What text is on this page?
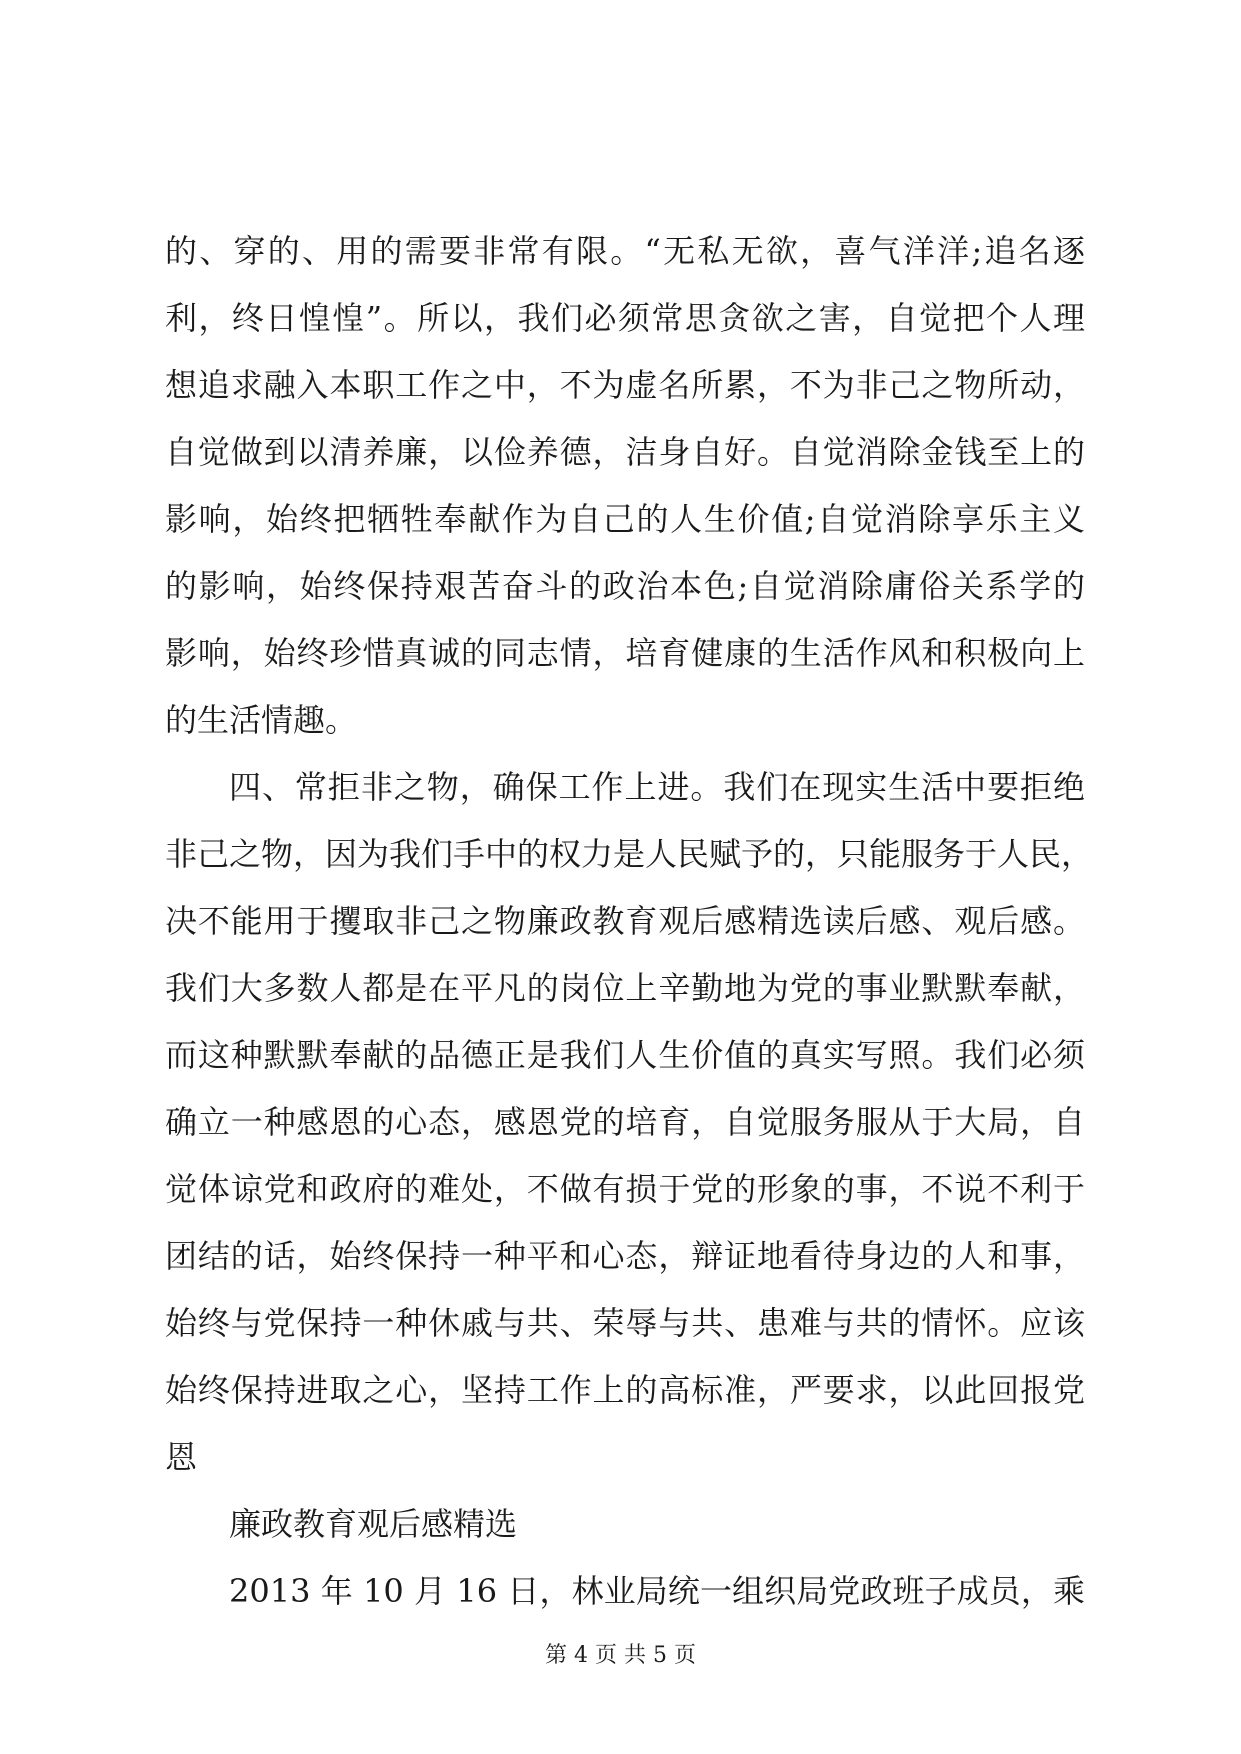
的、穿的、用的需要非常有限。“无私无欲，喜气洋洋;追名逐
利，终日惶惶”。所以，我们必须常思贪欲之害，自觉把个人理
想追求融入本职工作之中，不为虚名所累，不为非己之物所动，
自觉做到以清养廉，以俭养德，洁身自好。自觉消除金钱至上的
影响，始终把牺牲奉献作为自己的人生价值;自觉消除享乐主义
的影响，始终保持艰苦奋斗的政治本色;自觉消除庸俗关系学的
影响，始终珍惜真诚的同志情，培育健康的生活作风和积极向上
的生活情趣。
四、常拒非之物，确保工作上进。我们在现实生活中要拒绝
非己之物，因为我们手中的权力是人民赋予的，只能服务于人民，
决不能用于攫取非己之物廉政教育观后感精选读后感、观后感。
我们大多数人都是在平凡的岗位上辛勤地为党的事业默默奉献，
而这种默默奉献的品德正是我们人生价值的真实写照。我们必须
确立一种感恩的心态，感恩党的培育，自觉服务服从于大局，自
觉体谅党和政府的难处，不做有损于党的形象的事，不说不利于
团结的话，始终保持一种平和心态，辩证地看待身边的人和事，
始终与党保持一种休戚与共、荣辱与共、患难与共的情怀。应该
始终保持进取之心，坚持工作上的高标准，严要求，以此回报党
恩
廉政教育观后感精选
2013 年 10 月 16 日，林业局统一组织局党政班子成员，乘
第 4 页 共 5 页
